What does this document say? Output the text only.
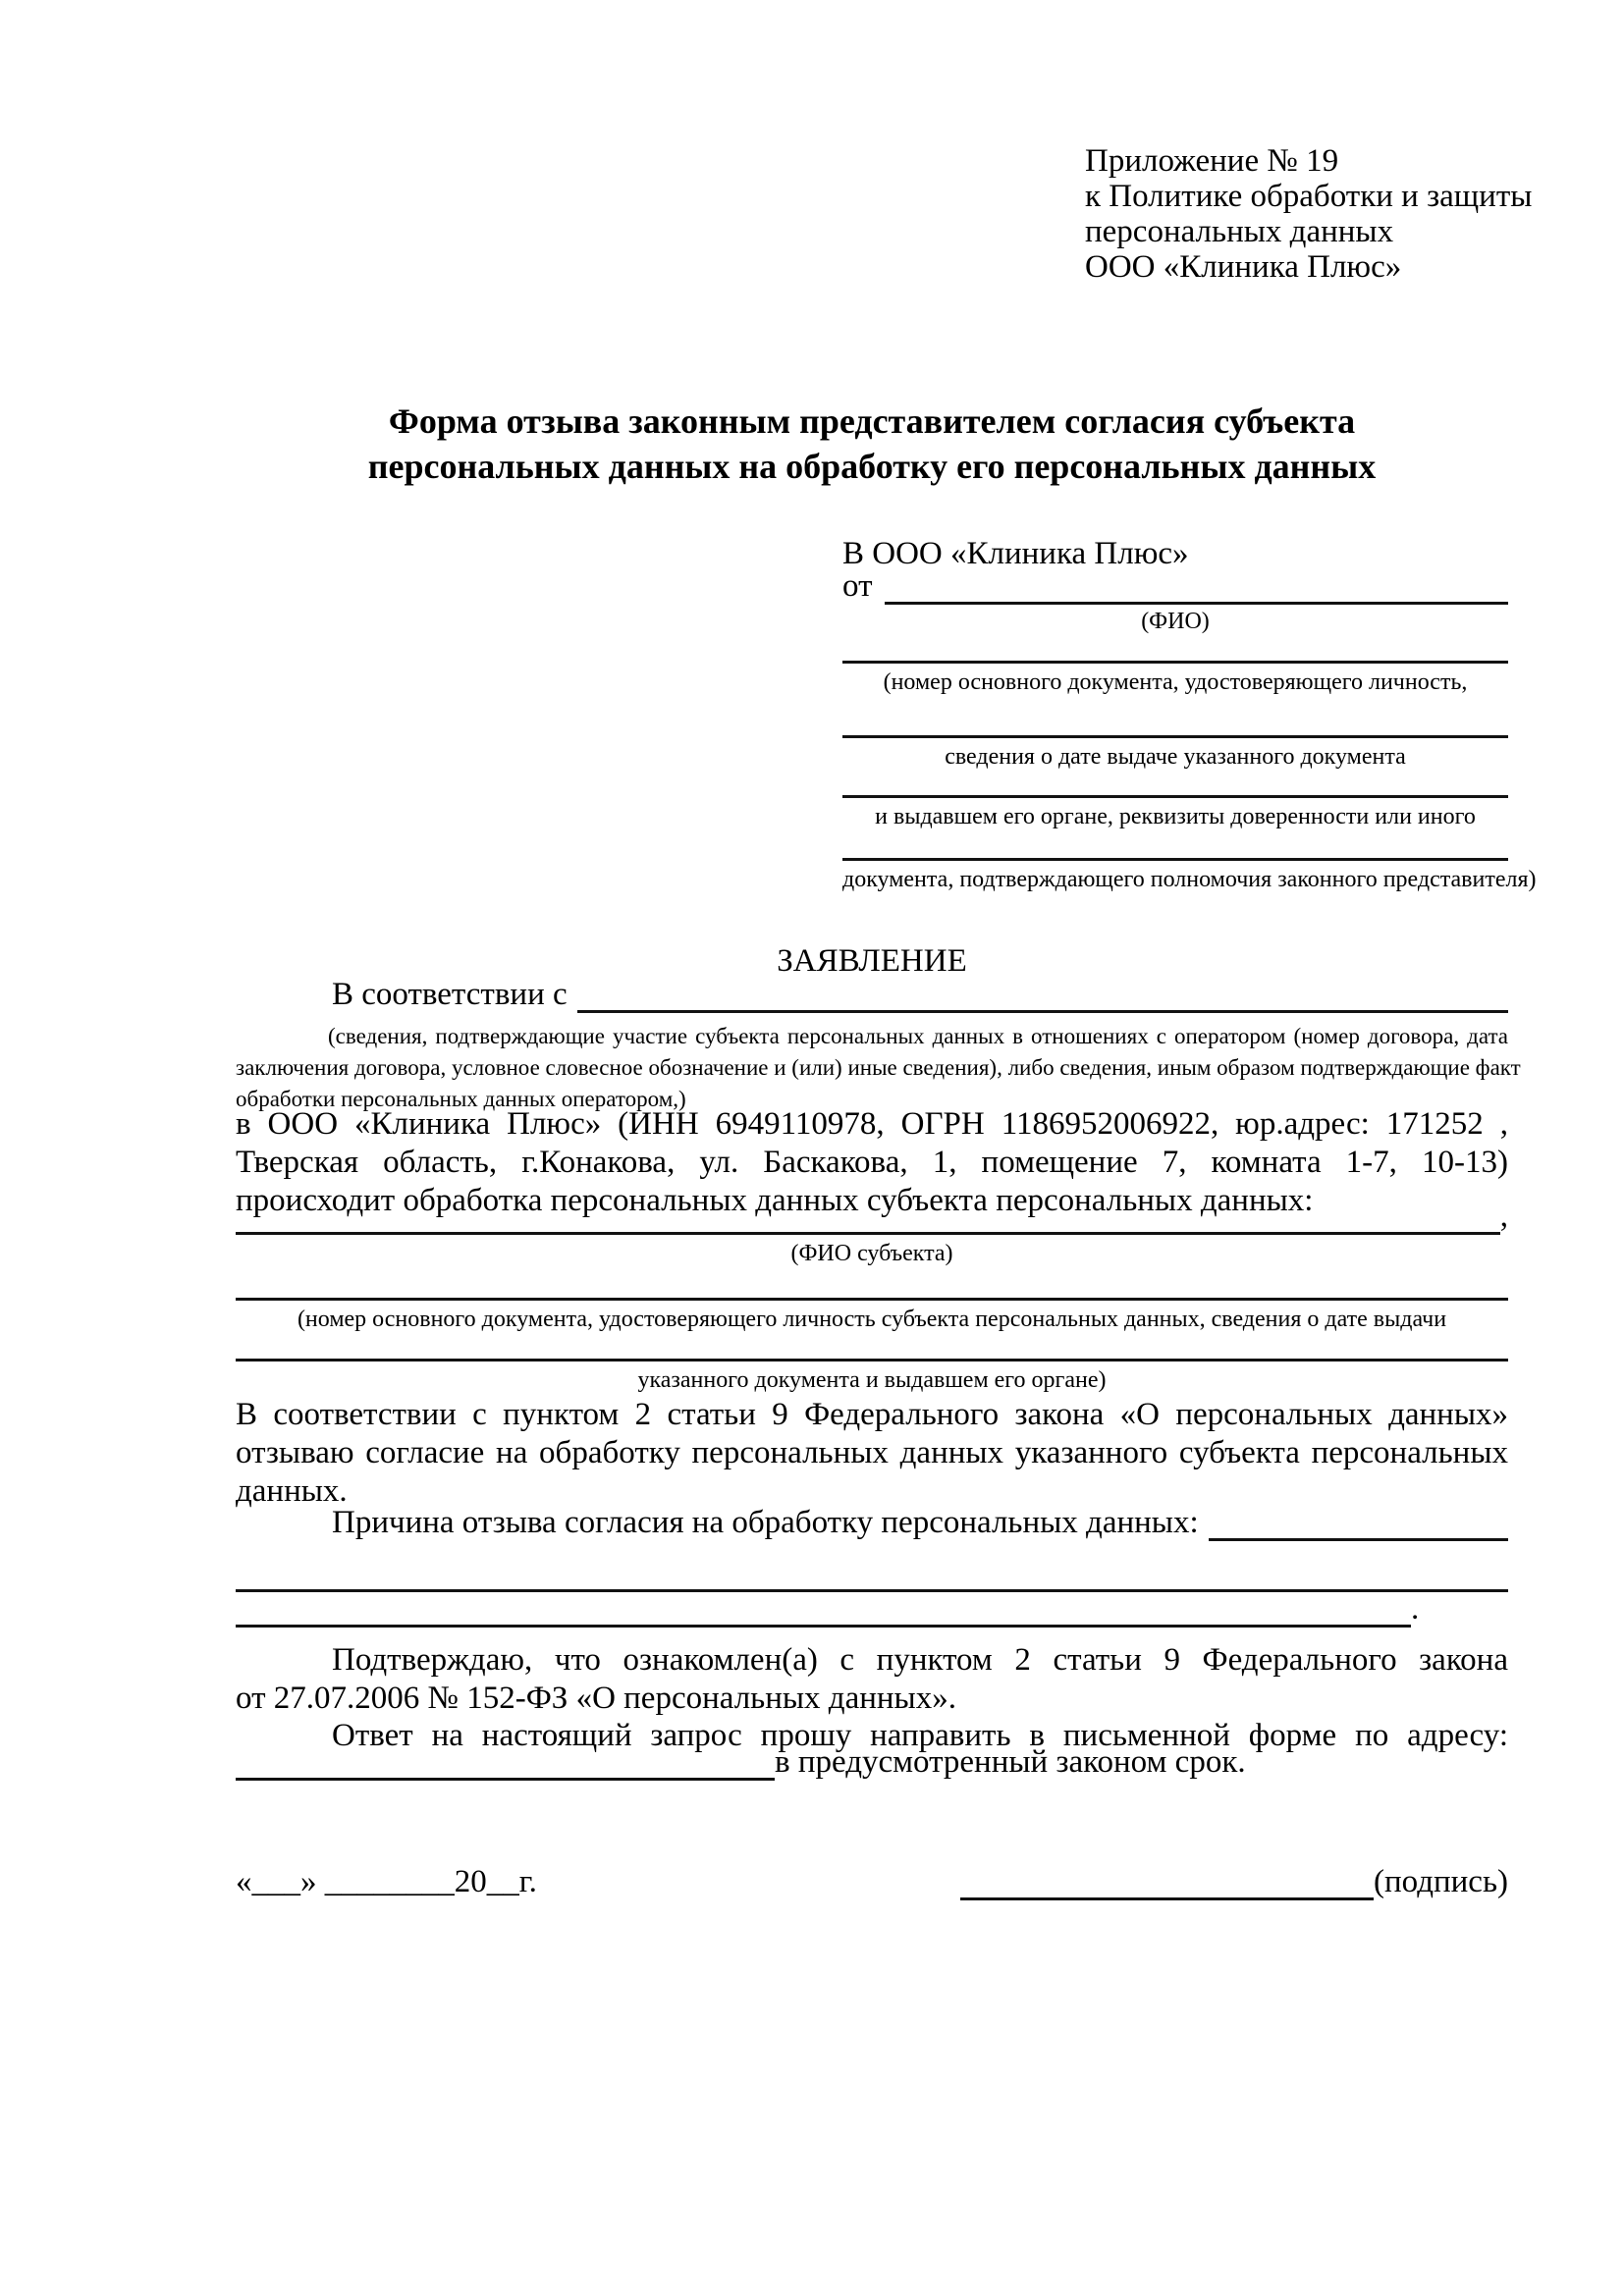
Приложение № 19
к Политике обработки и защиты
персональных данных
ООО «Клиника Плюс»
Форма отзыва законным представителем согласия субъекта
персональных данных на обработку его персональных данных
В ООО «Клиника Плюс»
от
(ФИО)
(номер основного документа, удостоверяющего личность,
сведения о дате выдаче указанного документа
и выдавшем его органе, реквизиты доверенности или иного
документа, подтверждающего полномочия законного представителя)
ЗАЯВЛЕНИЕ
В соответствии с
(сведения, подтверждающие участие субъекта персональных данных в отношениях с оператором (номер договора, дата
заключения договора, условное словесное обозначение и (или) иные сведения), либо сведения, иным образом подтверждающие факт
обработки персональных данных оператором,)
в ООО «Клиника Плюс» (ИНН 6949110978, ОГРН 1186952006922, юр.адрес: 171252 ,
Тверская область, г.Конакова, ул. Баскакова, 1, помещение 7, комната 1-7, 10-13)
происходит обработка персональных данных субъекта персональных данных:	,
(ФИО субъекта)
(номер основного документа, удостоверяющего личность субъекта персональных данных, сведения о дате выдачи
указанного документа и выдавшем его органе)
В соответствии с пунктом 2 статьи 9 Федерального закона «О персональных данных»
отзываю согласие на обработку персональных данных указанного субъекта персональных
данных.
Причина отзыва согласия на обработку персональных данных:
.
Подтверждаю, что ознакомлен(а) с пунктом 2 статьи 9 Федерального закона
от 27.07.2006 № 152-ФЗ «О персональных данных».
Ответ на настоящий запрос прошу направить в письменной форме по адресу:
в предусмотренный законом срок.
«___» ________20__г.	(подпись)
